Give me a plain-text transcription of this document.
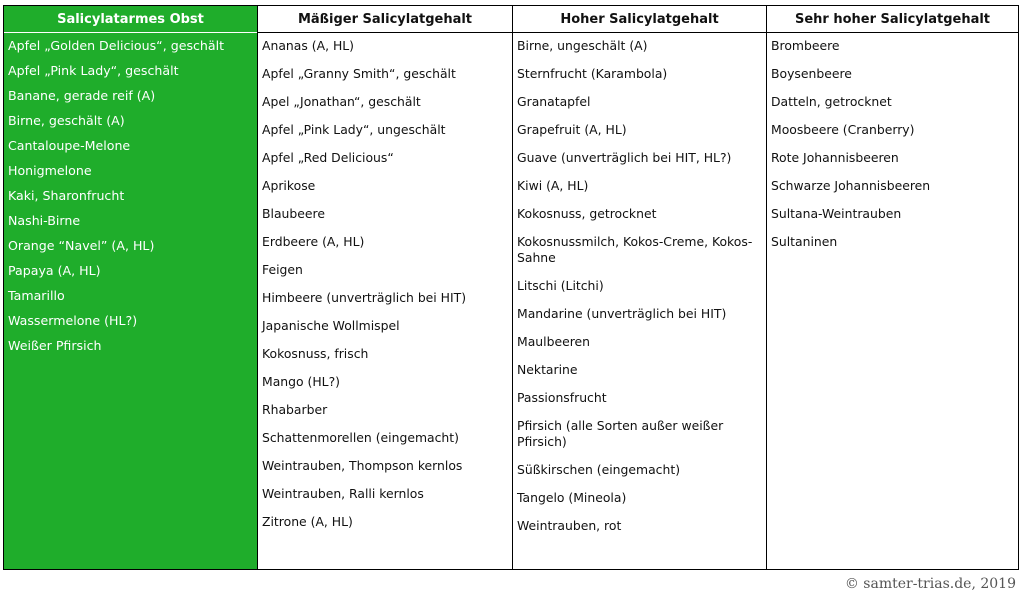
Salicylatarmes Obst
Apfel „Golden Delicious“, geschält
Apfel „Pink Lady“, geschält
Banane, gerade reif (A)
Birne, geschält (A)
Cantaloupe-Melone
Honigmelone
Kaki, Sharonfrucht
Nashi-Birne
Orange “Navel” (A, HL)
Papaya (A, HL)
Tamarillo
Wassermelone (HL?)
Weißer Pfirsich
Mäßiger Salicylatgehalt
Ananas (A, HL)
Apfel „Granny Smith“, geschält
Apel „Jonathan“, geschält
Apfel „Pink Lady“, ungeschält
Apfel „Red Delicious“
Aprikose
Blaubeere
Erdbeere (A, HL)
Feigen
Himbeere (unverträglich bei HIT)
Japanische Wollmispel
Kokosnuss, frisch
Mango (HL?)
Rhabarber
Schattenmorellen (eingemacht)
Weintrauben, Thompson kernlos
Weintrauben, Ralli kernlos
Zitrone (A, HL)
Hoher Salicylatgehalt
Birne, ungeschält (A)
Sternfrucht (Karambola)
Granatapfel
Grapefruit (A, HL)
Guave (unverträglich bei HIT, HL?)
Kiwi (A, HL)
Kokosnuss, getrocknet
Kokosnussmilch, Kokos-Creme, Kokos-Sahne
Litschi (Litchi)
Mandarine (unverträglich bei HIT)
Maulbeeren
Nektarine
Passionsfrucht
Pfirsich (alle Sorten außer weißer Pfirsich)
Süßkirschen (eingemacht)
Tangelo (Mineola)
Weintrauben, rot
Sehr hoher Salicylatgehalt
Brombeere
Boysenbeere
Datteln, getrocknet
Moosbeere (Cranberry)
Rote Johannisbeeren
Schwarze Johannisbeeren
Sultana-Weintrauben
Sultaninen
© samter-trias.de, 2019
